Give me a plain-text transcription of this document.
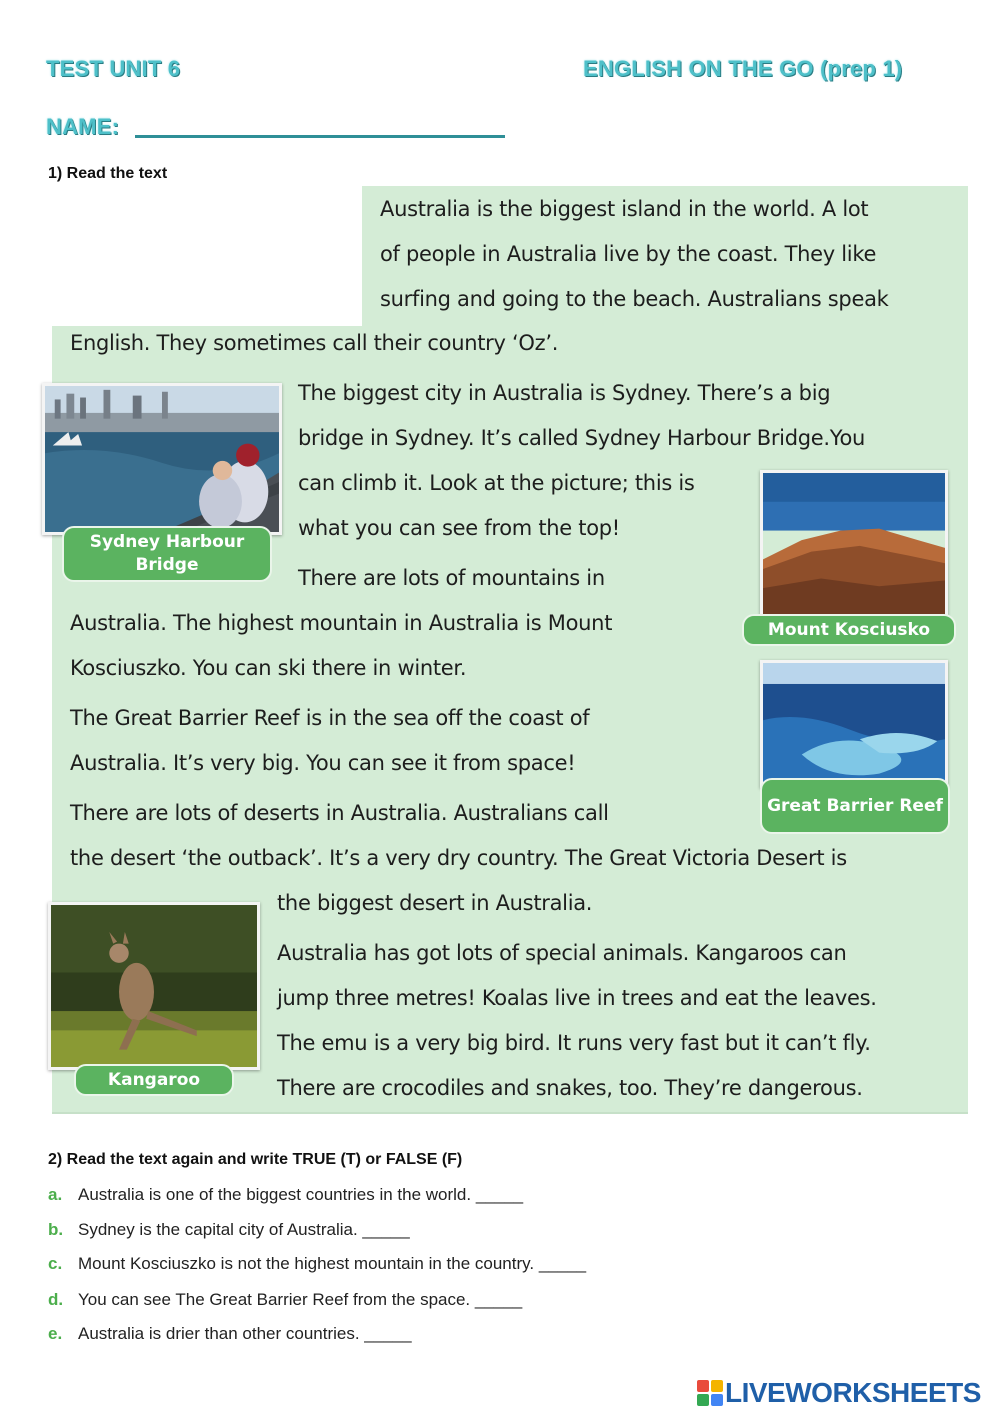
TEST UNIT 6	ENGLISH ON THE GO (prep 1)
NAME:
1) Read the text
Australia is the biggest island in the world. A lot
of people in Australia live by the coast. They like
surfing and going to the beach. Australians speak
English. They sometimes call their country ‘Oz’.
The biggest city in Australia is Sydney. There’s a big
bridge in Sydney. It’s called Sydney Harbour Bridge.You
can climb it. Look at the picture; this is
what you can see from the top!
There are lots of mountains in
Australia. The highest mountain in Australia is Mount
Kosciuszko. You can ski there in winter.
The Great Barrier Reef is in the sea off the coast of
Australia. It’s very big. You can see it from space!
There are lots of deserts in Australia. Australians call
the desert ‘the outback’. It’s a very dry country. The Great Victoria Desert is
the biggest desert in Australia.
Australia has got lots of special animals. Kangaroos can
jump three metres! Koalas live in trees and eat the leaves.
The emu is a very big bird. It runs very fast but it can’t fly.
There are crocodiles and snakes, too. They’re dangerous.
Sydney Harbour Bridge
Mount Kosciusko
Great Barrier Reef
Kangaroo
2) Read the text again and write TRUE (T) or FALSE (F)
a. Australia is one of the biggest countries in the world. _____
b. Sydney is the capital city of Australia. _____
c. Mount Kosciuszko is not the highest mountain in the country. _____
d. You can see The Great Barrier Reef from the space. _____
e. Australia is drier than other countries. _____
LIVEWORKSHEETS
